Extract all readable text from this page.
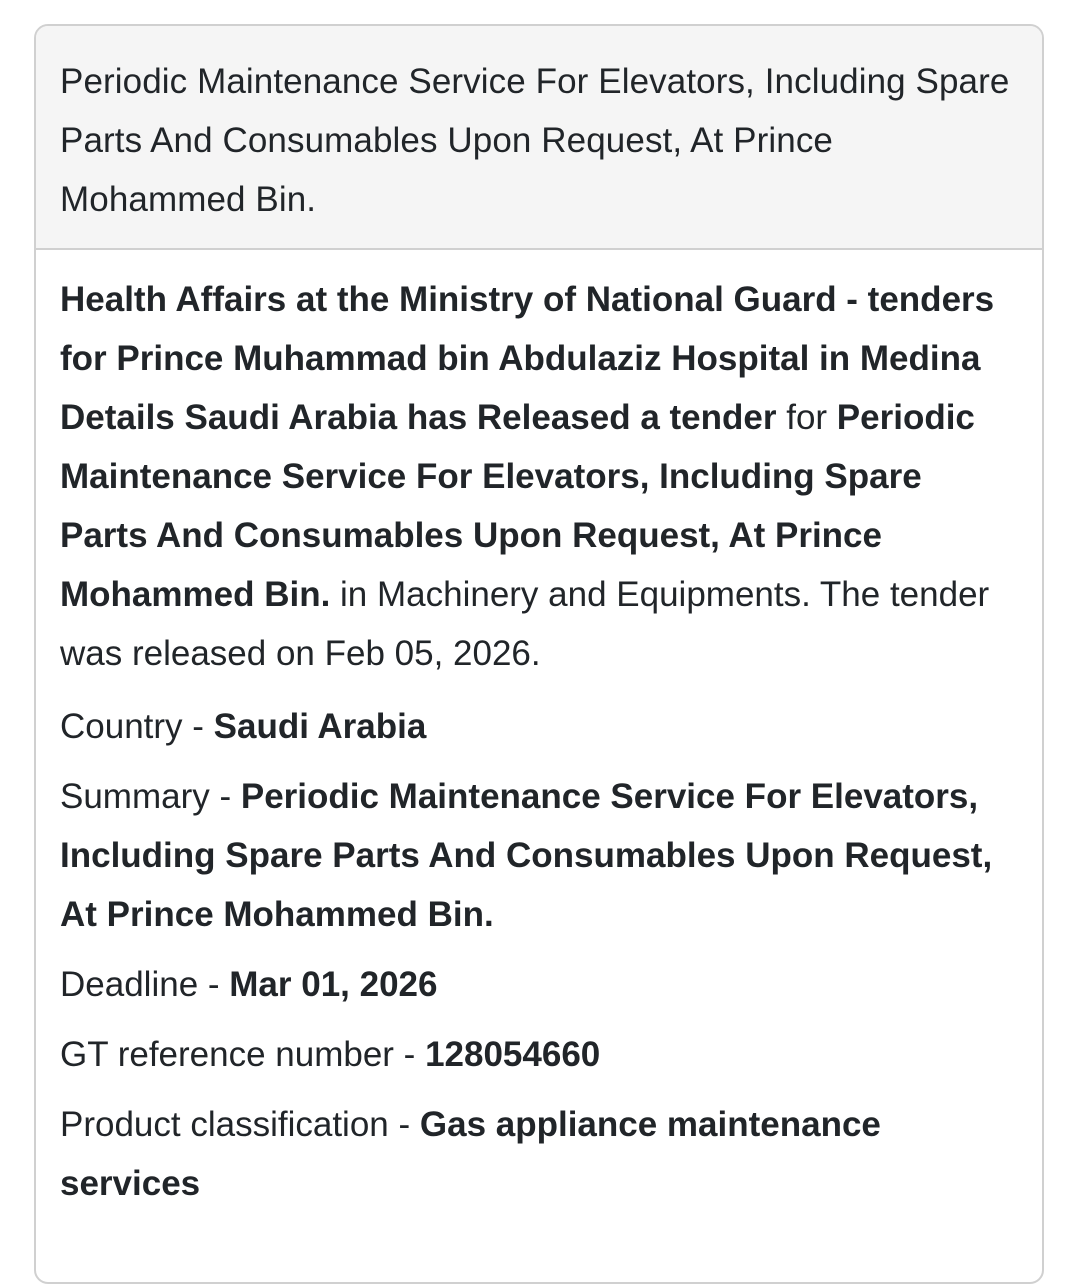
Periodic Maintenance Service For Elevators, Including Spare Parts And Consumables Upon Request, At Prince Mohammed Bin.

Health Affairs at the Ministry of National Guard - tenders for Prince Muhammad bin Abdulaziz Hospital in Medina Details Saudi Arabia has Released a tender for Periodic Maintenance Service For Elevators, Including Spare Parts And Consumables Upon Request, At Prince Mohammed Bin. in Machinery and Equipments. The tender was released on Feb 05, 2026.

Country - Saudi Arabia
Summary - Periodic Maintenance Service For Elevators, Including Spare Parts And Consumables Upon Request, At Prince Mohammed Bin.
Deadline - Mar 01, 2026
GT reference number - 128054660
Product classification - Gas appliance maintenance services
